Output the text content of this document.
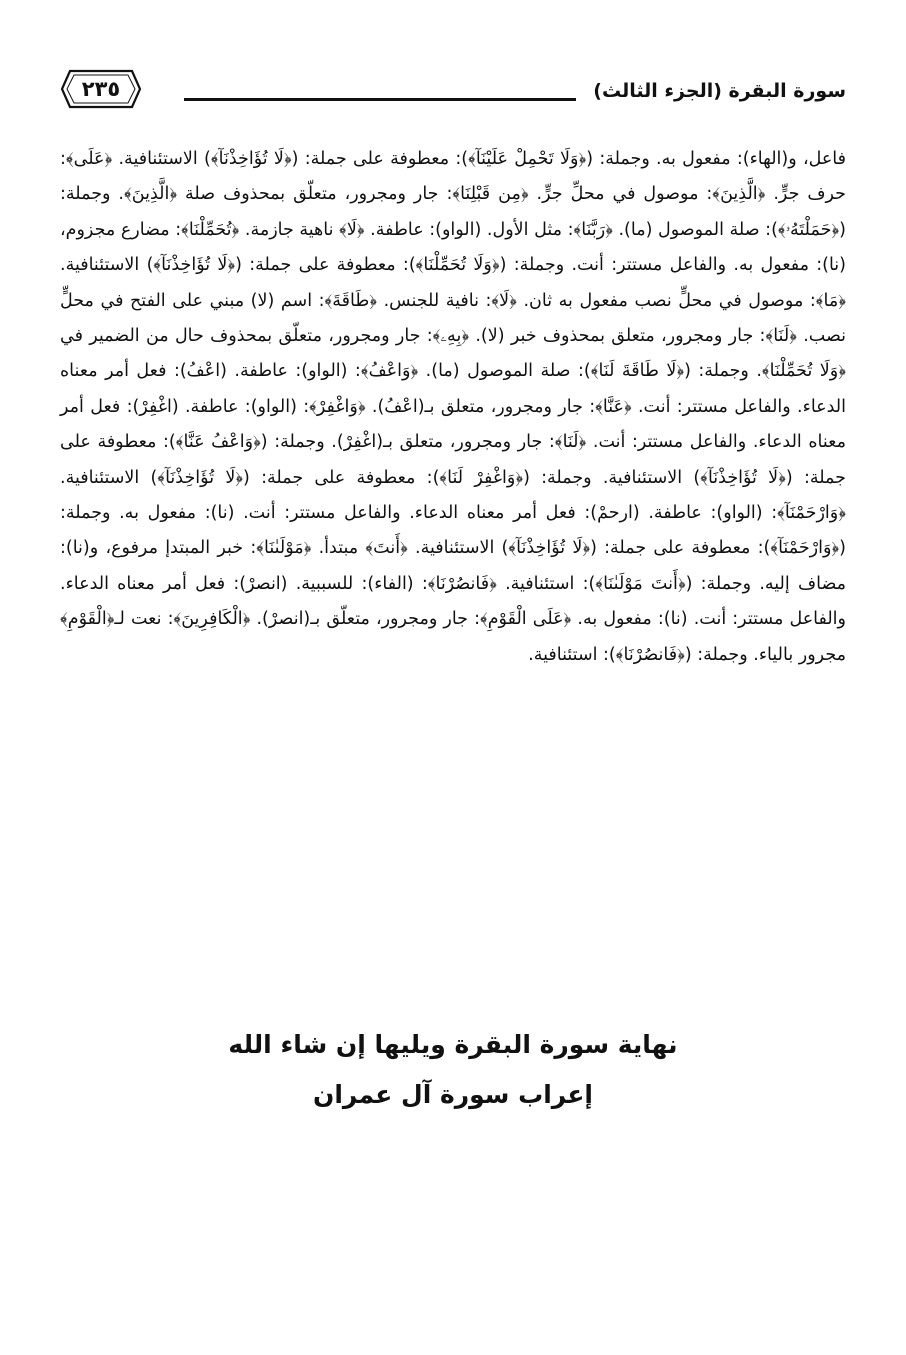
٢٣٥	سورة البقرة (الجزء الثالث)

فاعل، و(الهاء): مفعول به. وجملة: (﴿وَلَا تَحْمِلْ عَلَيْنَآ﴾): معطوفة على جملة: (﴿لَا تُؤَاخِذْنَآ﴾) الاستئنافية. ﴿عَلَى﴾: حرف جرٍّ. ﴿الَّذِينَ﴾: موصول في محلِّ جرٍّ. ﴿مِن قَبْلِنَا﴾: جار ومجرور، متعلّق بمحذوف صلة ﴿الَّذِينَ﴾. وجملة: (﴿حَمَلْتَهُۥ﴾): صلة الموصول (ما). ﴿رَبَّنَا﴾: مثل الأول. (الواو): عاطفة. ﴿لَا﴾ ناهية جازمة. ﴿تُحَمِّلْنَا﴾: مضارع مجزوم، (نا): مفعول به. والفاعل مستتر: أنت. وجملة: (﴿وَلَا تُحَمِّلْنَا﴾): معطوفة على جملة: (﴿لَا تُؤَاخِذْنَآ﴾) الاستئنافية. ﴿مَا﴾: موصول في محلٍّ نصب مفعول به ثان. ﴿لَا﴾: نافية للجنس. ﴿طَاقَةَ﴾: اسم (لا) مبني على الفتح في محلٍّ نصب. ﴿لَنَا﴾: جار ومجرور، متعلق بمحذوف خبر (لا). ﴿بِهِۦ﴾: جار ومجرور، متعلّق بمحذوف حال من الضمير في ﴿وَلَا تُحَمِّلْنَا﴾. وجملة: (﴿لَا طَاقَةَ لَنَا﴾): صلة الموصول (ما). ﴿وَاعْفُ﴾: (الواو): عاطفة. (اعْفُ): فعل أمر معناه الدعاء. والفاعل مستتر: أنت. ﴿عَنَّا﴾: جار ومجرور، متعلق بـ(اعْفُ). ﴿وَاغْفِرْ﴾: (الواو): عاطفة. (اغْفِرْ): فعل أمر معناه الدعاء. والفاعل مستتر: أنت. ﴿لَنَا﴾: جار ومجرور، متعلق بـ(اغْفِرْ). وجملة: (﴿وَاعْفُ عَنَّا﴾): معطوفة على جملة: (﴿لَا تُؤَاخِذْنَآ﴾) الاستئنافية. وجملة: (﴿وَاغْفِرْ لَنَا﴾): معطوفة على جملة: (﴿لَا تُؤَاخِذْنَآ﴾) الاستئنافية. ﴿وَارْحَمْنَآ﴾: (الواو): عاطفة. (ارحمْ): فعل أمر معناه الدعاء. والفاعل مستتر: أنت. (نا): مفعول به. وجملة: (﴿وَارْحَمْنَآ﴾): معطوفة على جملة: (﴿لَا تُؤَاخِذْنَآ﴾) الاستئنافية. ﴿أَنتَ﴾ مبتدأ. ﴿مَوْلَىٰنَا﴾: خبر المبتدإ مرفوع، و(نا): مضاف إليه. وجملة: (﴿أَنتَ مَوْلَىٰنَا﴾): استئنافية. ﴿فَانصُرْنَا﴾: (الفاء): للسببية. (انصرْ): فعل أمر معناه الدعاء. والفاعل مستتر: أنت. (نا): مفعول به. ﴿عَلَى الْقَوْمِ﴾: جار ومجرور، متعلّق بـ(انصرْ). ﴿الْكَافِرِينَ﴾: نعت لـ﴿الْقَوْمِ﴾ مجرور بالياء. وجملة: (﴿فَانصُرْنَا﴾): استئنافية.

نهاية سورة البقرة ويليها إن شاء الله
إعراب سورة آل عمران
